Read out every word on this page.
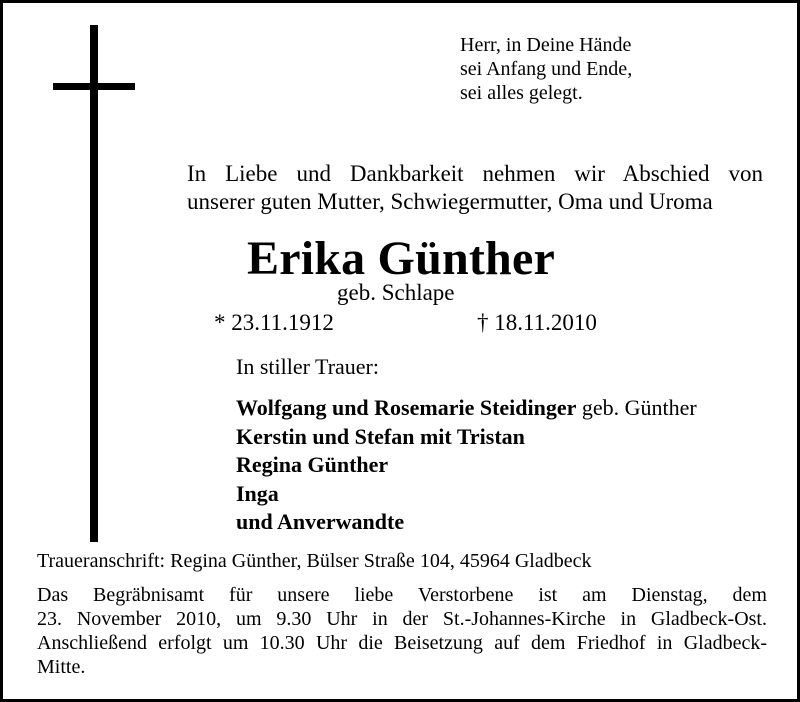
Herr, in Deine Hände
sei Anfang und Ende,
sei alles gelegt.
In Liebe und Dankbarkeit nehmen wir Abschied von
unserer guten Mutter, Schwiegermutter, Oma und Uroma
Erika Günther
geb. Schlape
* 23.11.1912	† 18.11.2010
In stiller Trauer:
Wolfgang und Rosemarie Steidinger geb. Günther
Kerstin und Stefan mit Tristan
Regina Günther
Inga
und Anverwandte
Traueranschrift: Regina Günther, Bülser Straße 104, 45964 Gladbeck
Das Begräbnisamt für unsere liebe Verstorbene ist am Dienstag, dem
23. November 2010, um 9.30 Uhr in der St.-Johannes-Kirche in Gladbeck-Ost.
Anschließend erfolgt um 10.30 Uhr die Beisetzung auf dem Friedhof in Gladbeck-
Mitte.
